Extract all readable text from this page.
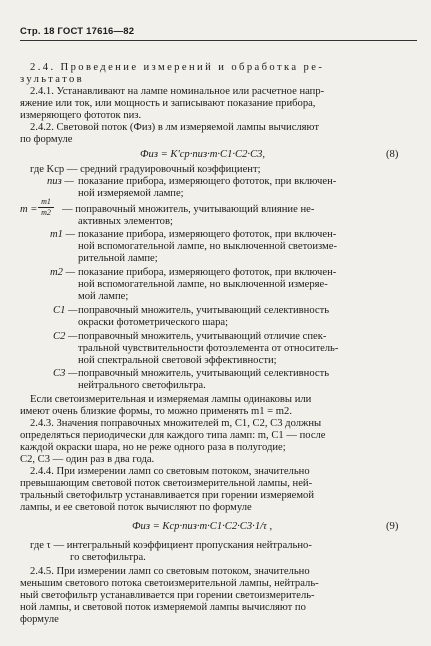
Стр. 18 ГОСТ 17616—82
2.4. Проведение измерений и обработка ре-
зультатов
2.4.1. Устанавливают на лампе номинальное или расчетное напр-
яжение или ток, или мощность и записывают показание прибора,
измеряющего фототок nиз.
2.4.2. Световой поток (Физ) в лм измеряемой лампы вычисляют
по формуле
Физ = K'ср·nиз·m·C1·C2·C3,	(8)
где Kср — средний градуировочный коэффициент;
nиз — показание прибора, измеряющего фототок, при включен-
ной измеряемой лампе;
m =
m1
m2	— поправочный множитель, учитывающий влияние не-
активных элементов;
m1 — показание прибора, измеряющего фототок, при включен-
ной вспомогательной лампе, но выключенной светоизме-
рительной лампе;
m2 — показание прибора, измеряющего фототок, при включен-
ной вспомогательной лампе, но выключенной измеряе-
мой лампе;
C1 — поправочный множитель, учитывающий селективность
окраски фотометрического шара;
C2 — поправочный множитель, учитывающий отличие спек-
тральной чувствительности фотоэлемента от относитель-
ной спектральной световой эффективности;
C3 — поправочный множитель, учитывающий селективность
нейтрального светофильтра.
Если светоизмерительная и измеряемая лампы одинаковы или
имеют очень близкие формы, то можно применять m1 = m2.
2.4.3. Значения поправочных множителей m, C1, C2, C3 должны
определяться периодически для каждого типа ламп: m, C1 — после
каждой окраски шара, но не реже одного раза в полугодие;
C2, C3 — один раз в два года.
2.4.4. При измерении ламп со световым потоком, значительно
превышающим световой поток светоизмерительной лампы, ней-
тральный светофильтр устанавливается при горении измеряемой
лампы, и ее световой поток вычисляют по формуле
Физ = Kср·nиз·m·C1·C2·C3·1/τ ,	(9)
где τ — интегральный коэффициент пропускания нейтрально-
го светофильтра.
2.4.5. При измерении ламп со световым потоком, значительно
меньшим светового потока светоизмерительной лампы, нейтраль-
ный светофильтр устанавливается при горении светоизмеритель-
ной лампы, и световой поток измеряемой лампы вычисляют по
формуле
